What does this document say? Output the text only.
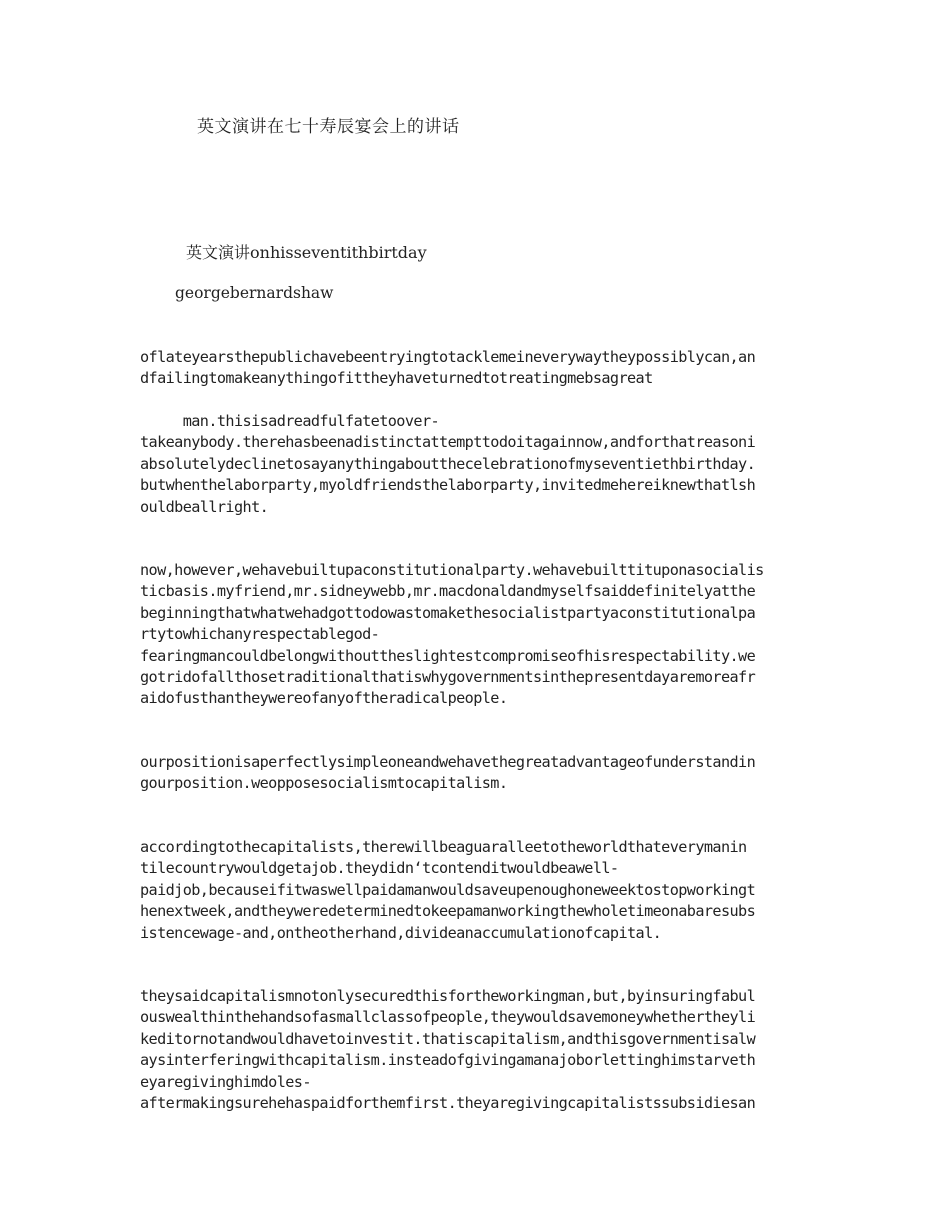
英文演讲在七十寿辰宴会上的讲话
英文演讲onhisseventithbirtday
georgebernardshaw
oflateyearsthepublichavebeentryingtotacklemeineverywaytheypossiblycan,an
dfailingtomakeanythingofittheyhaveturnedtotreatingmebsagreat
man.thisisadreadfulfatetoover-
takeanybody.therehasbeenadistinctattempttodoitagainnow,andforthatreasoni
absolutelydeclinetosayanythingaboutthecelebrationofmyseventiethbirthday.
butwhenthelaborparty,myoldfriendsthelaborparty,invitedmehereiknewthatlsh
ouldbeallright.
now,however,wehavebuiltupaconstitutionalparty.wehavebuilttituponasocialis
ticbasis.myfriend,mr.sidneywebb,mr.macdonaldandmyselfsaiddefinitelyatthe
beginningthatwhatwehadgottodowastomakethesocialistpartyaconstitutionalpa
rtytowhichanyrespectablegod-
fearingmancouldbelongwithouttheslightestcompromiseofhisrespectability.we
gotridofallthosetraditionalthatiswhygovernmentsinthepresentdayaremoreafr
aidofusthantheywereofanyoftheradicalpeople.
ourpositionisaperfectlysimpleoneandwehavethegreatadvantageofunderstandin
gourposition.weopposesocialismtocapitalism.
accordingtothecapitalists,therewillbeaguaralleetotheworldthateverymanin
tilecountrywouldgetajob.theydidn‘tcontenditwouldbeawell-
paidjob,becauseifitwaswellpaidamanwouldsaveupenoughoneweektostopworkingt
henextweek,andtheyweredeterminedtokeepamanworkingthewholetimeonabaresubs
istencewage-and,ontheotherhand,divideanaccumulationofcapital.
theysaidcapitalismnotonlysecuredthisfortheworkingman,but,byinsuringfabul
ouswealthinthehandsofasmallclassofpeople,theywouldsavemoneywhethertheyli
keditornotandwouldhavetoinvestit.thatiscapitalism,andthisgovernmentisalw
aysinterferingwithcapitalism.insteadofgivingamanajoborlettinghimstarveth
eyaregivinghimdoles-
aftermakingsurehehaspaidforthemfirst.theyaregivingcapitalistssubsidiesan
